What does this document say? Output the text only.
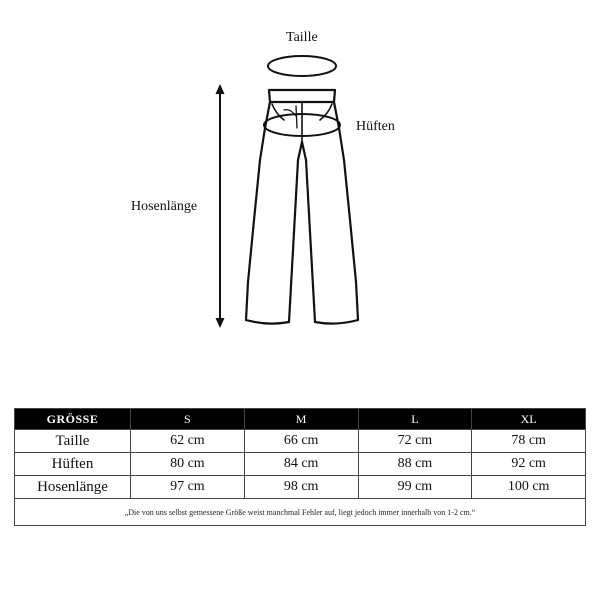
Taille
Hüften
Hosenlänge
GRÖSSE	S	M	L	XL
Taille	62 cm	66 cm	72 cm	78 cm
Hüften	80 cm	84 cm	88 cm	92 cm
Hosenlänge	97 cm	98 cm	99 cm	100 cm
„Die von uns selbst gemessene Größe weist manchmal Fehler auf, liegt jedoch immer innerhalb von 1-2 cm.“				
